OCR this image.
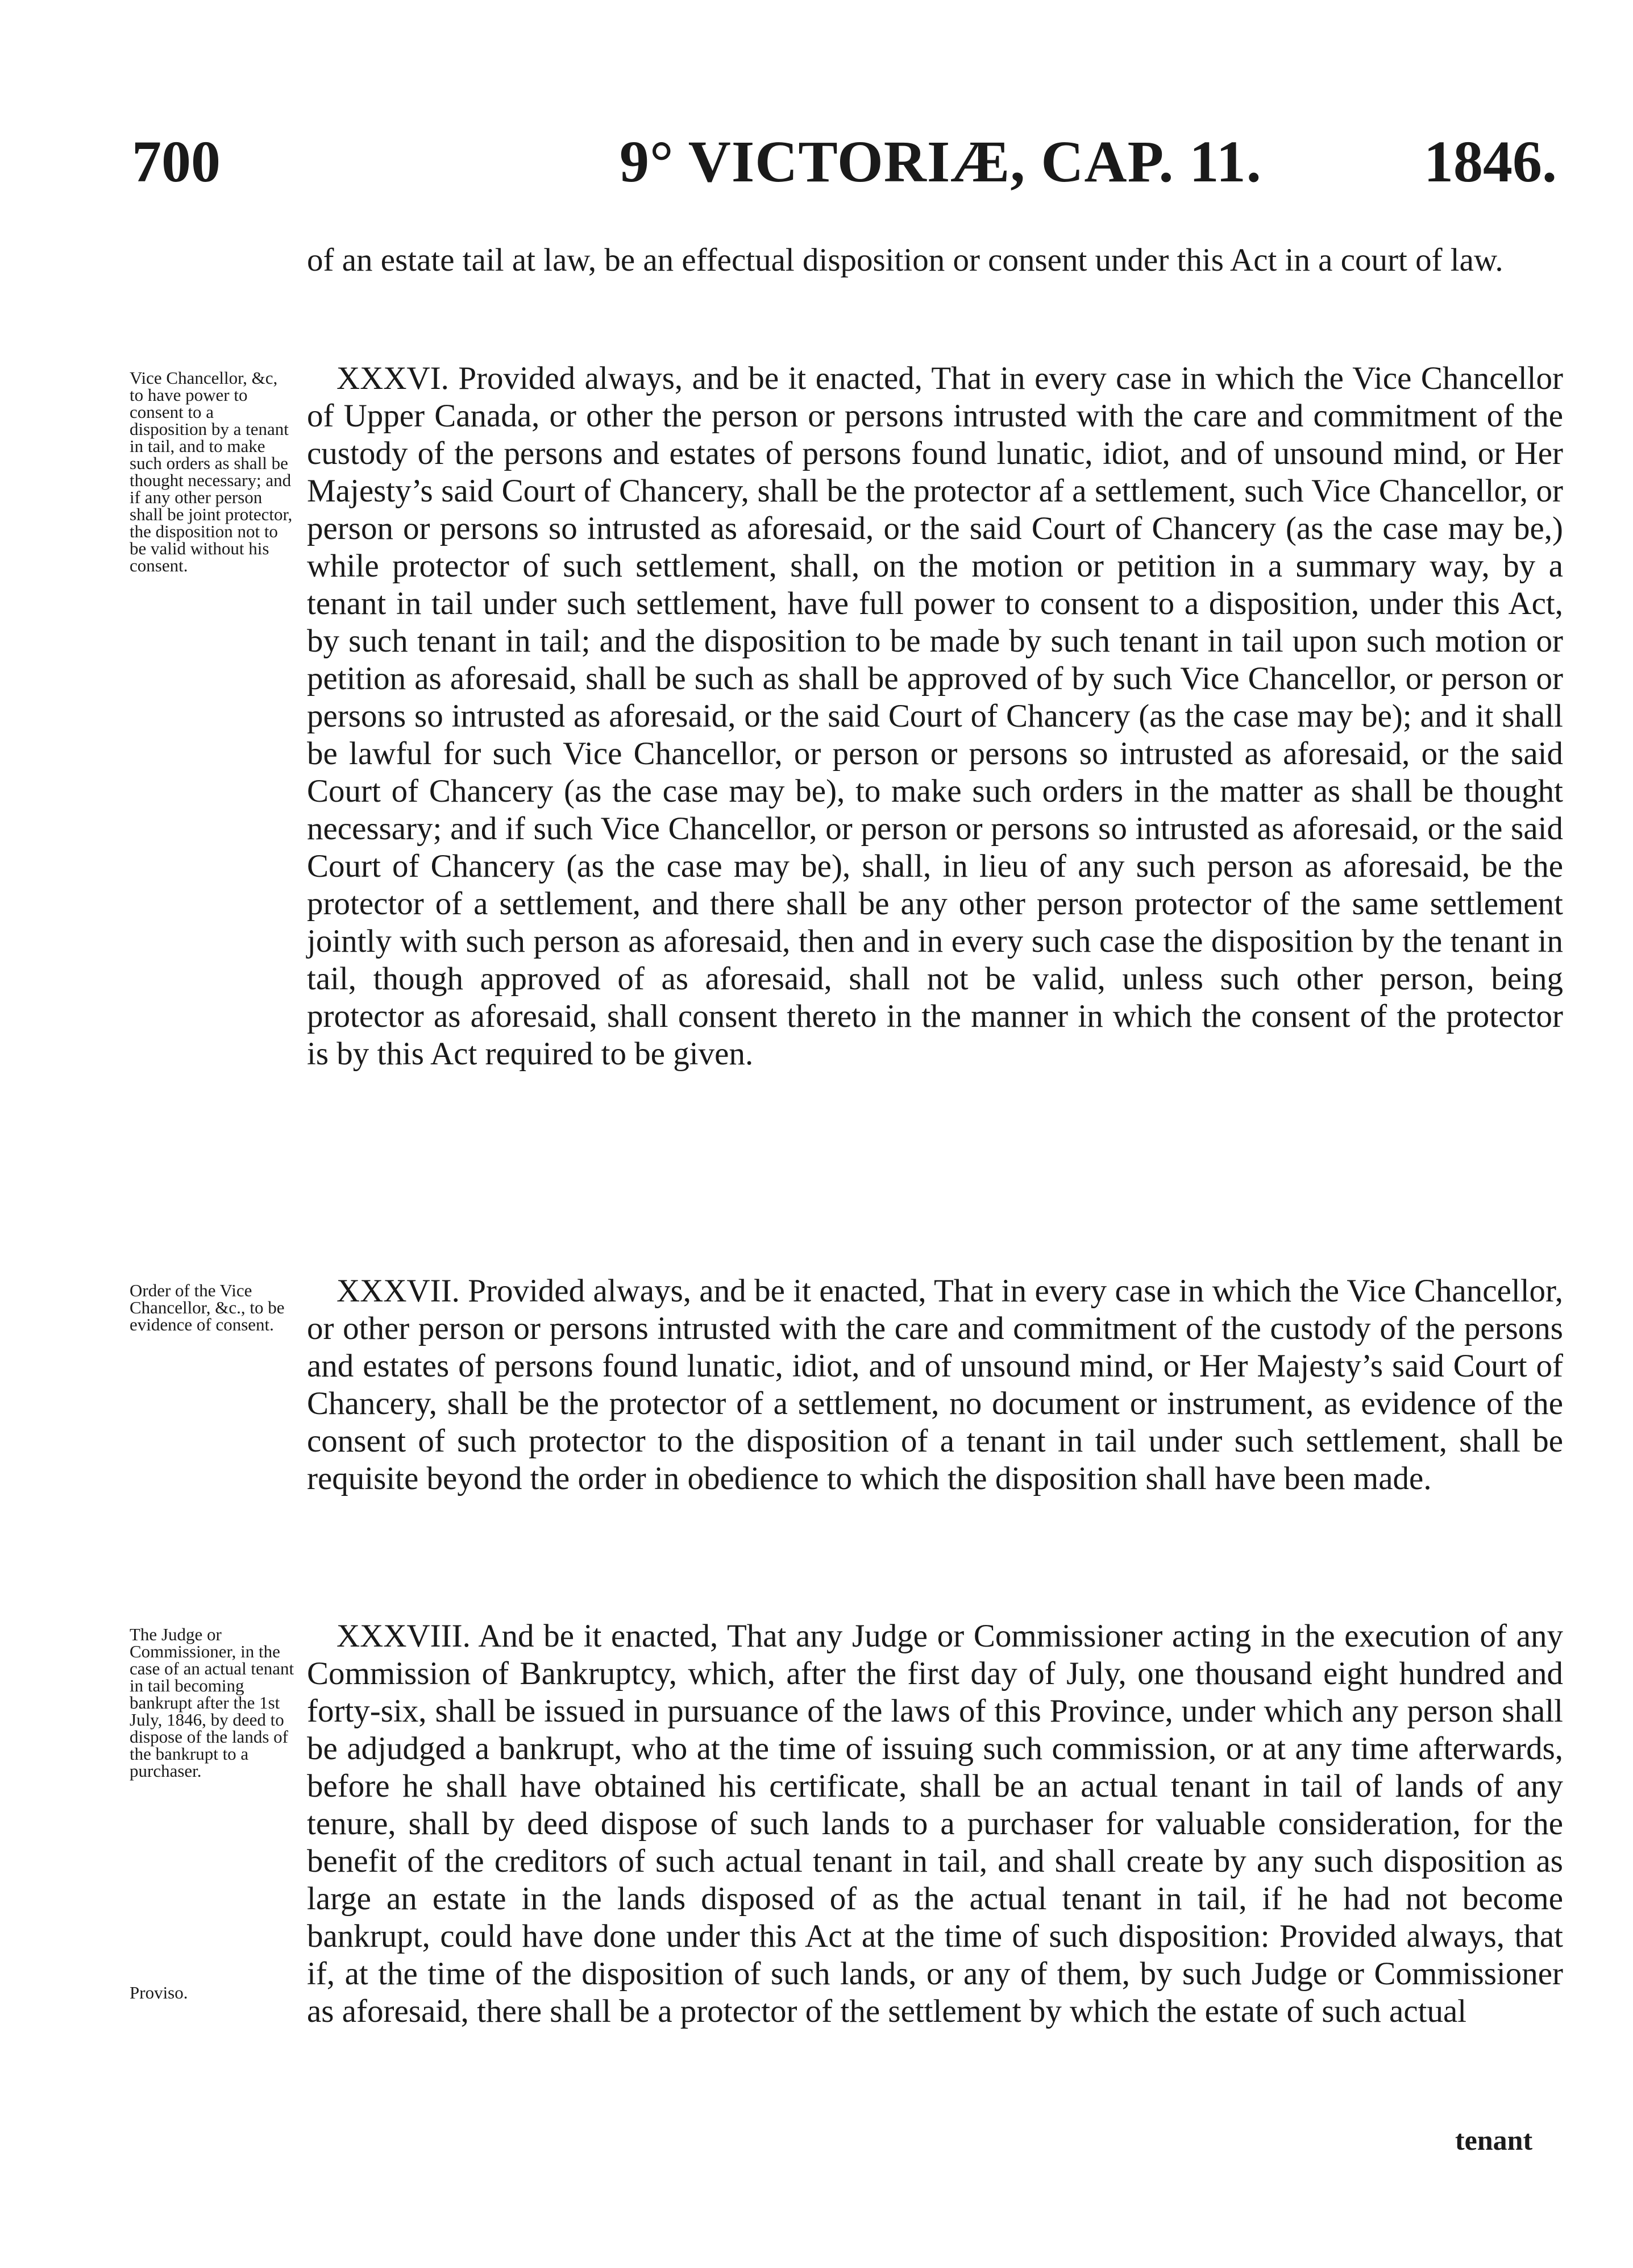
700	9° VICTORIÆ, CAP. 11.	1846.

of an estate tail at law, be an effectual disposition or consent under this Act in a court of law.

Vice Chancellor, &c, to have power to consent to a disposition by a tenant in tail, and to make such orders as shall be thought necessary; and if any other person shall be joint protector, the disposition not to be valid without his consent.

XXXVI. Provided always, and be it enacted, That in every case in which the Vice Chancellor of Upper Canada, or other the person or persons intrusted with the care and commitment of the custody of the persons and estates of persons found lunatic, idiot, and of unsound mind, or Her Majesty’s said Court of Chancery, shall be the protector af a settlement, such Vice Chancellor, or person or persons so intrusted as aforesaid, or the said Court of Chancery (as the case may be,) while protector of such settlement, shall, on the motion or petition in a summary way, by a tenant in tail under such settlement, have full power to consent to a disposition, under this Act, by such tenant in tail; and the disposition to be made by such tenant in tail upon such motion or petition as aforesaid, shall be such as shall be approved of by such Vice Chancellor, or person or persons so intrusted as aforesaid, or the said Court of Chancery (as the case may be); and it shall be lawful for such Vice Chancellor, or person or persons so intrusted as aforesaid, or the said Court of Chancery (as the case may be), to make such orders in the matter as shall be thought necessary; and if such Vice Chancellor, or person or persons so intrusted as aforesaid, or the said Court of Chancery (as the case may be), shall, in lieu of any such person as aforesaid, be the protector of a settlement, and there shall be any other person protector of the same settlement jointly with such person as aforesaid, then and in every such case the disposition by the tenant in tail, though approved of as aforesaid, shall not be valid, unless such other person, being protector as aforesaid, shall consent thereto in the manner in which the consent of the protector is by this Act required to be given.

Order of the Vice Chancellor, &c., to be evidence of consent.

XXXVII. Provided always, and be it enacted, That in every case in which the Vice Chancellor, or other person or persons intrusted with the care and commitment of the custody of the persons and estates of persons found lunatic, idiot, and of unsound mind, or Her Majesty’s said Court of Chancery, shall be the protector of a settlement, no document or instrument, as evidence of the consent of such protector to the disposition of a tenant in tail under such settlement, shall be requisite beyond the order in obedience to which the disposition shall have been made.

The Judge or Commissioner, in the case of an actual tenant in tail becoming bankrupt after the 1st July, 1846, by deed to dispose of the lands of the bankrupt to a purchaser.

Proviso.

XXXVIII. And be it enacted, That any Judge or Commissioner acting in the execution of any Commission of Bankruptcy, which, after the first day of July, one thousand eight hundred and forty-six, shall be issued in pursuance of the laws of this Province, under which any person shall be adjudged a bankrupt, who at the time of issuing such commission, or at any time afterwards, before he shall have obtained his certificate, shall be an actual tenant in tail of lands of any tenure, shall by deed dispose of such lands to a purchaser for valuable consideration, for the benefit of the creditors of such actual tenant in tail, and shall create by any such disposition as large an estate in the lands disposed of as the actual tenant in tail, if he had not become bankrupt, could have done under this Act at the time of such disposition: Provided always, that if, at the time of the disposition of such lands, or any of them, by such Judge or Commissioner as aforesaid, there shall be a protector of the settlement by which the estate of such actual

tenant
